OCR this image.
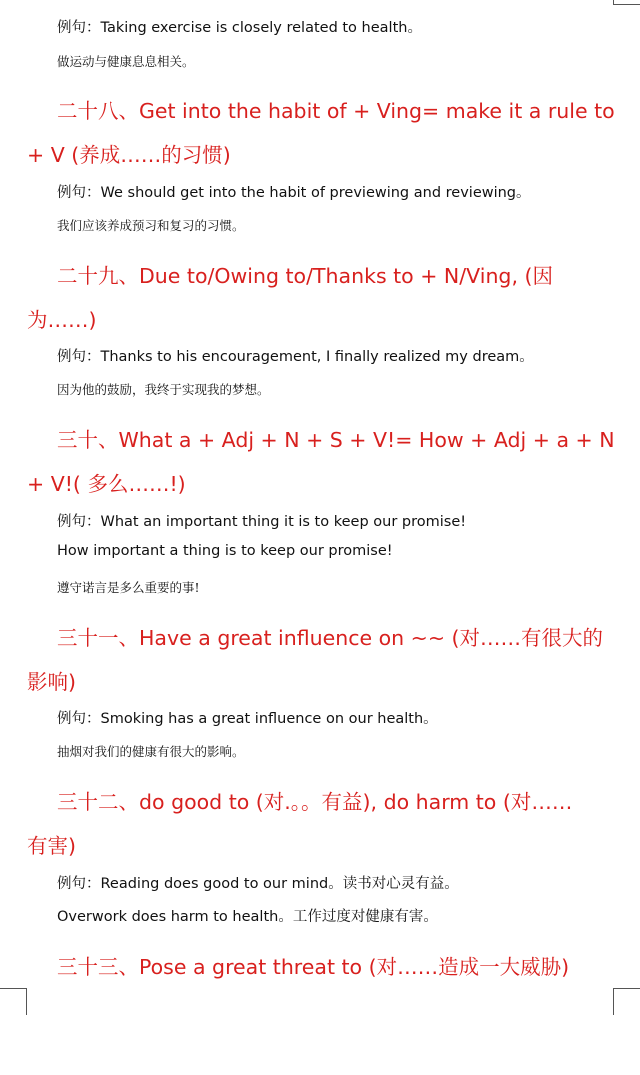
例句：Taking exercise is closely related to health。
做运动与健康息息相关。
二十八、Get into the habit of + Ving= make it a rule to
+ V (养成……的习惯)
例句：We should get into the habit of previewing and reviewing。
我们应该养成预习和复习的习惯。
二十九、Due to/Owing to/Thanks to + N/Ving, (因
为……)
例句：Thanks to his encouragement, I finally realized my dream。
因为他的鼓励，我终于实现我的梦想。
三十、What a + Adj + N + S + V!= How + Adj + a + N
+ V!( 多么……!)
例句：What an important thing it is to keep our promise!
How important a thing is to keep our promise!
遵守诺言是多么重要的事!
三十一、Have a great influence on ~~ (对……有很大的
影响)
例句：Smoking has a great influence on our health。
抽烟对我们的健康有很大的影响。
三十二、do good to (对.。。有益), do harm to (对……
有害)
例句：Reading does good to our mind。读书对心灵有益。
Overwork does harm to health。工作过度对健康有害。
三十三、Pose a great threat to (对……造成一大威胁)
